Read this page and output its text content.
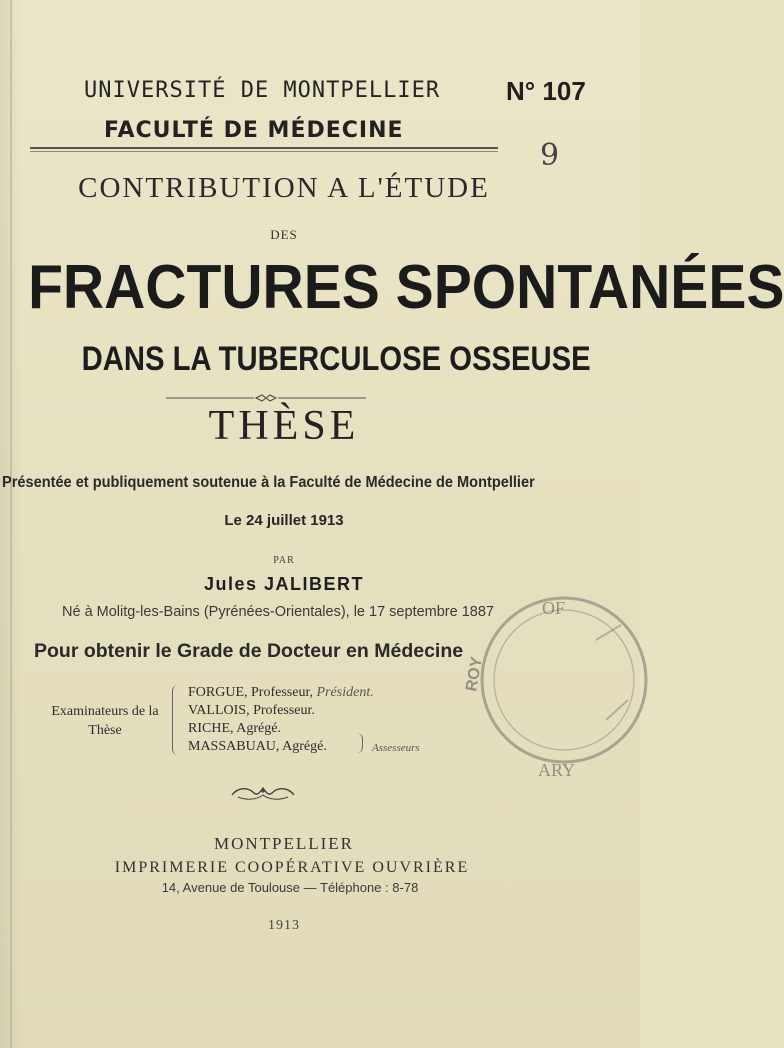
UNIVERSITÉ DE MONTPELLIER	N° 107
FACULTÉ DE MÉDECINE
9
CONTRIBUTION A L'ÉTUDE
DES
FRACTURES SPONTANÉES
DANS LA TUBERCULOSE OSSEUSE
THÈSE
Présentée et publiquement soutenue à la Faculté de Médecine de Montpellier
Le 24 juillet 1913
PAR
Jules JALIBERT
Né à Molitg-les-Bains (Pyrénées-Orientales), le 17 septembre 1887
Pour obtenir le Grade de Docteur en Médecine
Examinateurs de la Thèse
FORGUE, Professeur, Président.
VALLOIS, Professeur.
RICHE, Agrégé.
MASSABUAU, Agrégé.	Assesseurs
MONTPELLIER
IMPRIMERIE COOPÉRATIVE OUVRIÈRE
14, Avenue de Toulouse — Téléphone : 8-78
1913
OF
ROY
ARY
